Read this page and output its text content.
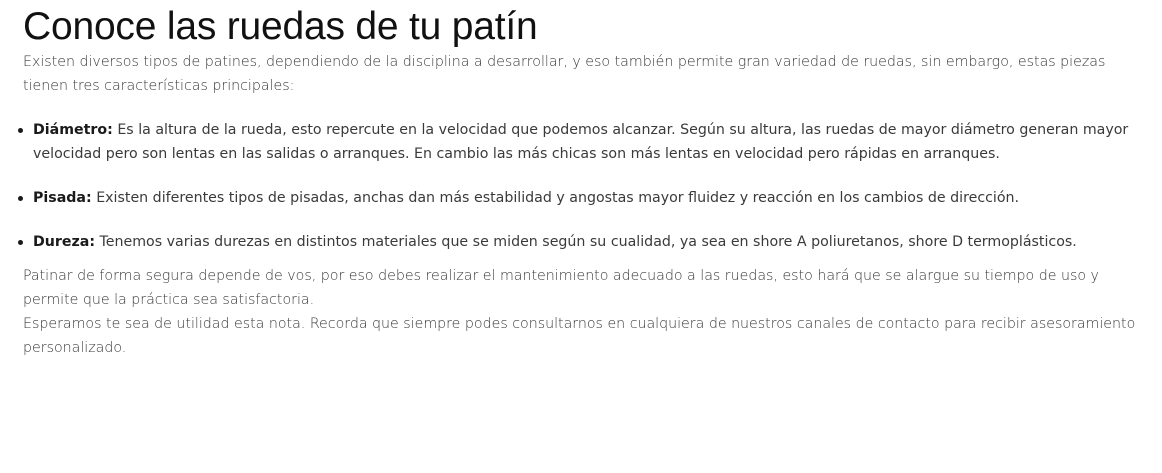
Conoce las ruedas de tu patín

Existen diversos tipos de patines, dependiendo de la disciplina a desarrollar, y eso también permite gran variedad de ruedas, sin embargo, estas piezas tienen tres características principales:

Diámetro: Es la altura de la rueda, esto repercute en la velocidad que podemos alcanzar. Según su altura, las ruedas de mayor diámetro generan mayor velocidad pero son lentas en las salidas o arranques. En cambio las más chicas son más lentas en velocidad pero rápidas en arranques.
Pisada: Existen diferentes tipos de pisadas, anchas dan más estabilidad y angostas mayor fluidez y reacción en los cambios de dirección.
Dureza: Tenemos varias durezas en distintos materiales que se miden según su cualidad, ya sea en shore A poliuretanos, shore D termoplásticos.

Patinar de forma segura depende de vos, por eso debes realizar el mantenimiento adecuado a las ruedas, esto hará que se alargue su tiempo de uso y permite que la práctica sea satisfactoria.

Esperamos te sea de utilidad esta nota. Recorda que siempre podes consultarnos en cualquiera de nuestros canales de contacto para recibir asesoramiento personalizado.
